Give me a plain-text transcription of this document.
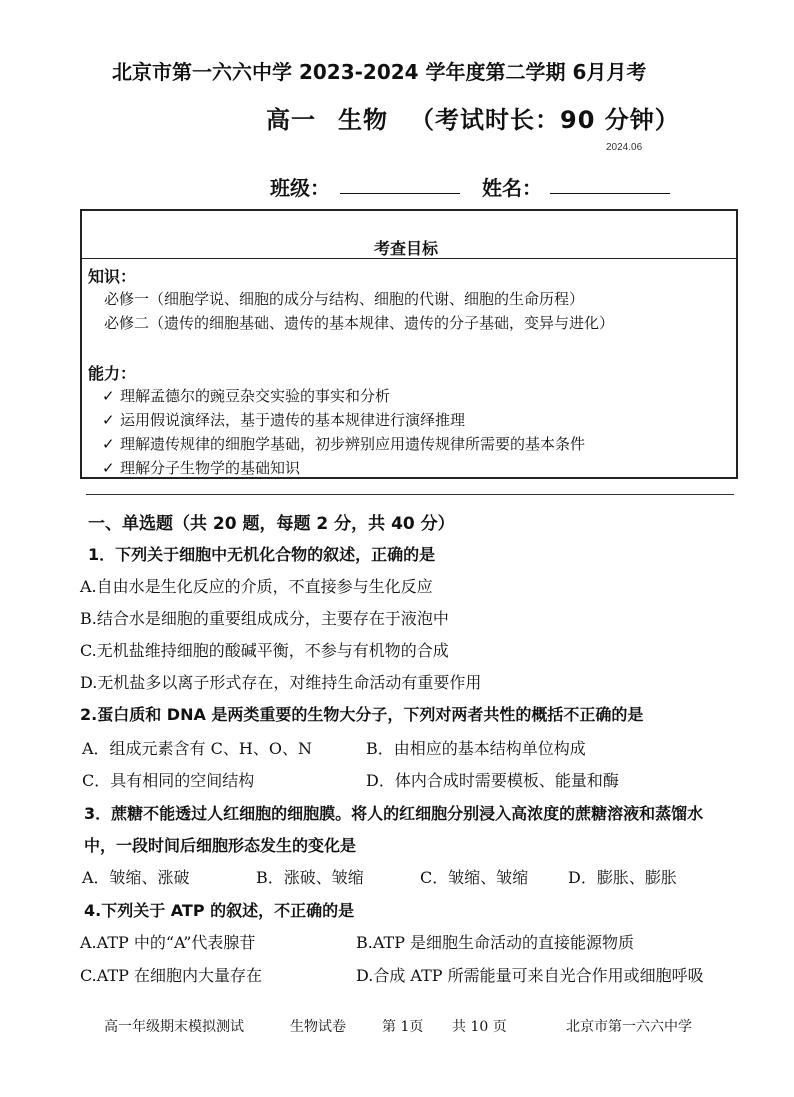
北京市第一六六中学 2023-2024 学年度第二学期 6月月考
高一 生物 （考试时长：90 分钟）
2024.06
班级：	姓名：
考查目标
知识：
必修一（细胞学说、细胞的成分与结构、细胞的代谢、细胞的生命历程）
必修二（遗传的细胞基础、遗传的基本规律、遗传的分子基础，变异与进化）
能力：
✓ 理解孟德尔的豌豆杂交实验的事实和分析
✓ 运用假说演绎法，基于遗传的基本规律进行演绎推理
✓ 理解遗传规律的细胞学基础，初步辨别应用遗传规律所需要的基本条件
✓ 理解分子生物学的基础知识
一、单选题（共 20 题，每题 2 分，共 40 分）
1．下列关于细胞中无机化合物的叙述，正确的是
A.自由水是生化反应的介质，不直接参与生化反应
B.结合水是细胞的重要组成成分，主要存在于液泡中
C.无机盐维持细胞的酸碱平衡，不参与有机物的合成
D.无机盐多以离子形式存在，对维持生命活动有重要作用
2.蛋白质和 DNA 是两类重要的生物大分子，下列对两者共性的概括不正确的是
A．组成元素含有 C、H、O、N	B．由相应的基本结构单位构成
C．具有相同的空间结构	D．体内合成时需要模板、能量和酶
3．蔗糖不能透过人红细胞的细胞膜。将人的红细胞分别浸入高浓度的蔗糖溶液和蒸馏水
中，一段时间后细胞形态发生的变化是
A．皱缩、涨破	B．涨破、皱缩	C．皱缩、皱缩 D．膨胀、膨胀
4.下列关于 ATP 的叙述，不正确的是
A.ATP 中的“A”代表腺苷	B.ATP 是细胞生命活动的直接能源物质
C.ATP 在细胞内大量存在	D.合成 ATP 所需能量可来自光合作用或细胞呼吸
高一年级期末模拟测试	生物试卷	第 1页 共 10 页	北京市第一六六中学
